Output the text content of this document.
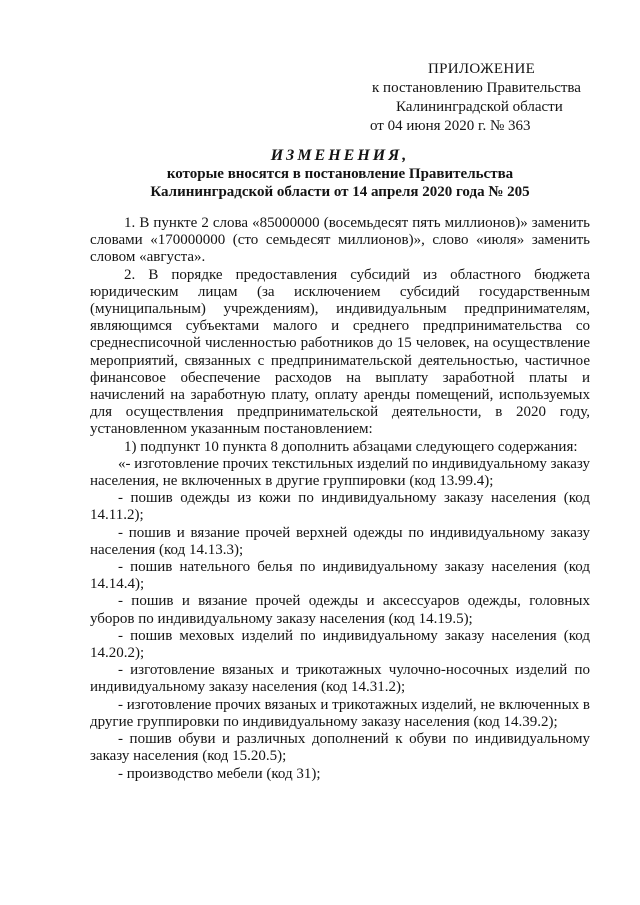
ПРИЛОЖЕНИЕ
к постановлению Правительства
Калининградской области
от 04 июня 2020 г. № 363
ИЗМЕНЕНИЯ,
которые вносятся в постановление Правительства
Калининградской области от 14 апреля 2020 года № 205

1. В пункте 2 слова «85000000 (восемьдесят пять миллионов)» заменить словами «170000000 (сто семьдесят миллионов)», слово «июля» заменить словом «августа».

2. В порядке предоставления субсидий из областного бюджета юридическим лицам (за исключением субсидий государственным (муниципальным) учреждениям), индивидуальным предпринимателям, являющимся субъектами малого и среднего предпринимательства со среднесписочной численностью работников до 15 человек, на осуществление мероприятий, связанных с предпринимательской деятельностью, частичное финансовое обеспечение расходов на выплату заработной платы и начислений на заработную плату, оплату аренды помещений, используемых для осуществления предпринимательской деятельности, в 2020 году, установленном указанным постановлением:

1) подпункт 10 пункта 8 дополнить абзацами следующего содержания:

«- изготовление прочих текстильных изделий по индивидуальному заказу населения, не включенных в другие группировки (код 13.99.4);

- пошив одежды из кожи по индивидуальному заказу населения (код 14.11.2);

- пошив и вязание прочей верхней одежды по индивидуальному заказу населения (код 14.13.3);

- пошив нательного белья по индивидуальному заказу населения (код 14.14.4);

- пошив и вязание прочей одежды и аксессуаров одежды, головных уборов по индивидуальному заказу населения (код 14.19.5);

- пошив меховых изделий по индивидуальному заказу населения (код 14.20.2);

- изготовление вязаных и трикотажных чулочно-носочных изделий по индивидуальному заказу населения (код 14.31.2);

- изготовление прочих вязаных и трикотажных изделий, не включенных в другие группировки по индивидуальному заказу населения (код 14.39.2);

- пошив обуви и различных дополнений к обуви по индивидуальному заказу населения (код 15.20.5);

- производство мебели (код 31);
